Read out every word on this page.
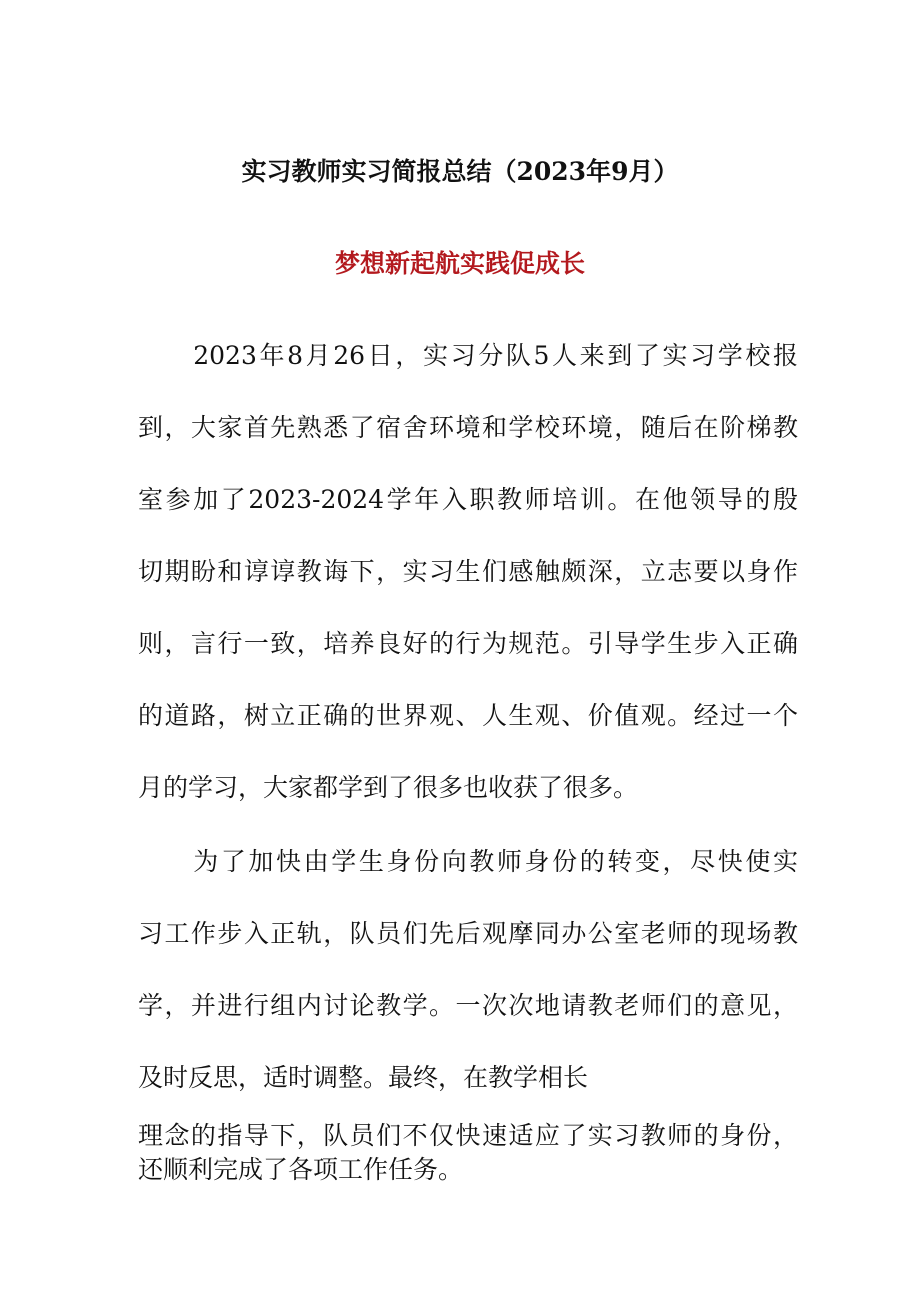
实习教师实习简报总结（2023年9月）
梦想新起航实践促成长
　　2023年8月26日，实习分队5人来到了实习学校报
到，大家首先熟悉了宿舍环境和学校环境，随后在阶梯教
室参加了2023-2024学年入职教师培训。在他领导的殷
切期盼和谆谆教诲下，实习生们感触颇深，立志要以身作
则，言行一致，培养良好的行为规范。引导学生步入正确
的道路，树立正确的世界观、人生观、价值观。经过一个
月的学习，大家都学到了很多也收获了很多。
　　为了加快由学生身份向教师身份的转变，尽快使实
习工作步入正轨，队员们先后观摩同办公室老师的现场教
学，并进行组内讨论教学。一次次地请教老师们的意见，
及时反思，适时调整。最终，在教学相长
理念的指导下，队员们不仅快速适应了实习教师的身份，
还顺利完成了各项工作任务。
